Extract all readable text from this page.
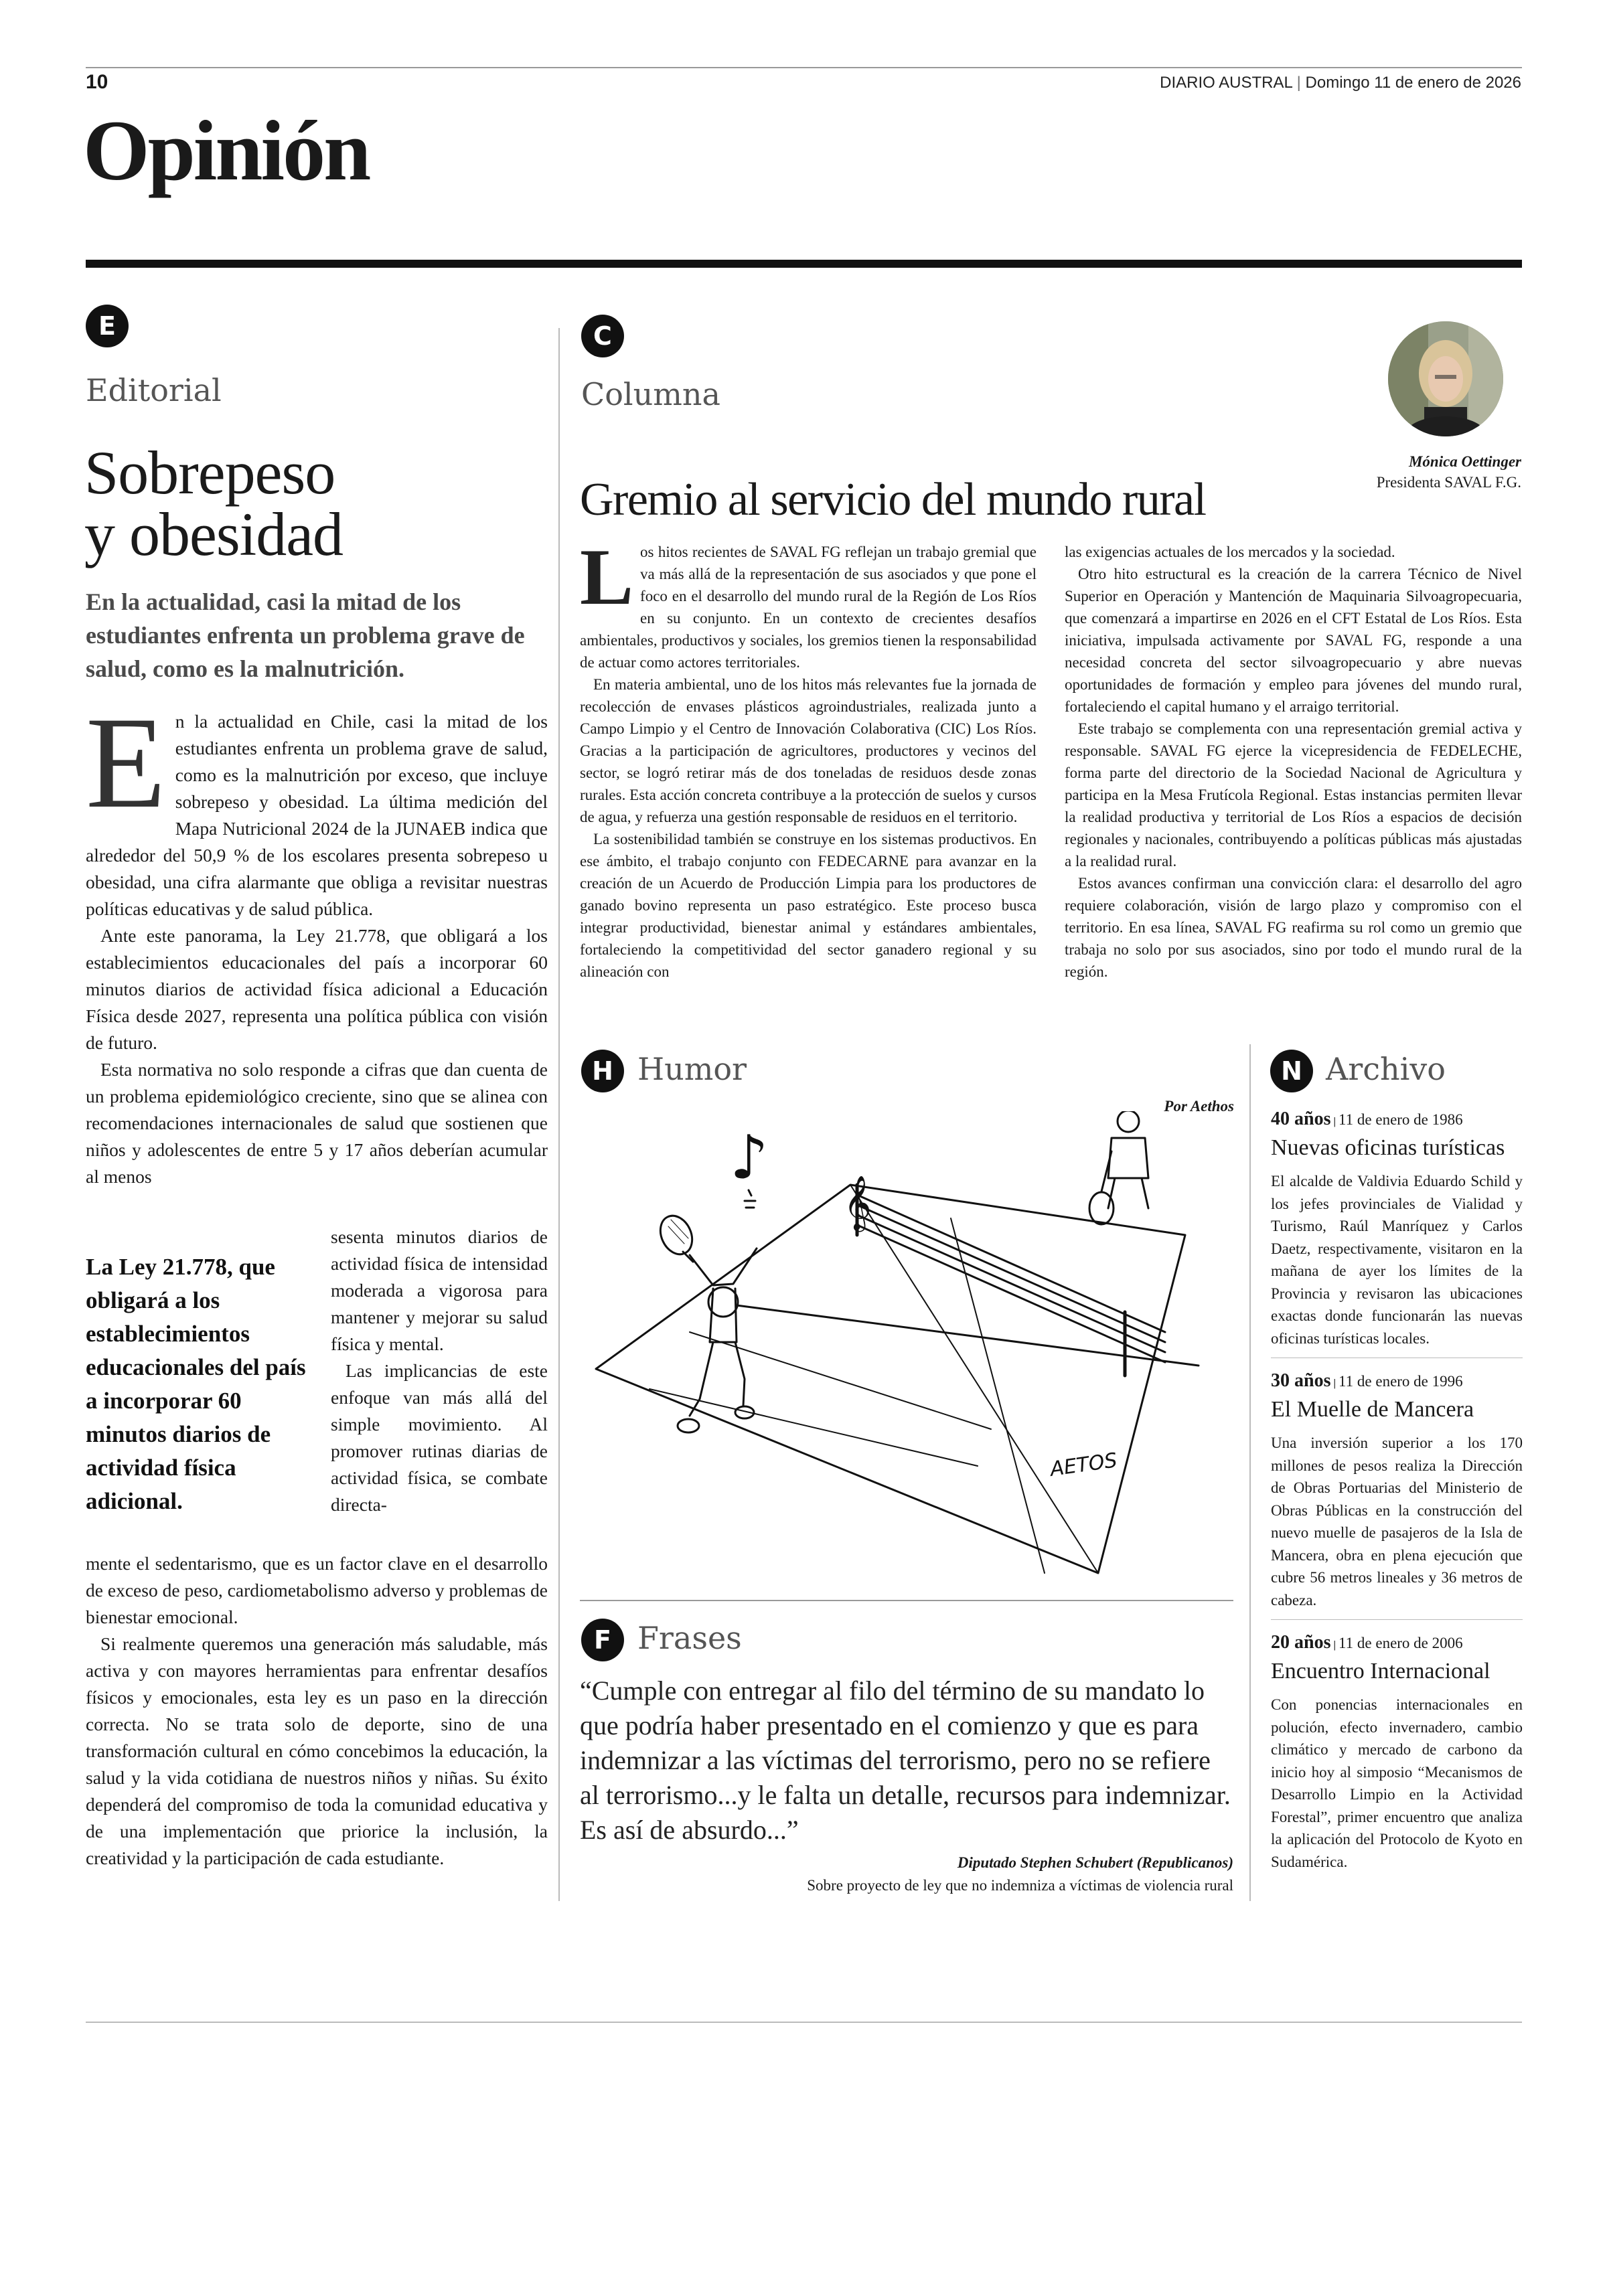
10	DIARIO AUSTRAL | Domingo 11 de enero de 2026
Opinión
E
Editorial
Sobrepeso
y obesidad
En la actualidad, casi la mitad de los estudiantes enfrenta un problema grave de salud, como es la malnutrición.
E n la actualidad en Chile, casi la mitad de los estudiantes enfrenta un problema grave de salud, como es la malnutrición por exceso, que incluye sobrepeso y obesidad. La última medición del Mapa Nutricional 2024 de la JUNAEB indica que alrededor del 50,9 % de los escolares presenta sobrepeso u obesidad, una cifra alarmante que obliga a revisitar nuestras políticas educativas y de salud pública.

Ante este panorama, la Ley 21.778, que obligará a los establecimientos educacionales del país a incorporar 60 minutos diarios de actividad física adicional a Educación Física desde 2027, representa una política pública con visión de futuro.

Esta normativa no solo responde a cifras que dan cuenta de un problema epidemiológico creciente, sino que se alinea con recomendaciones internacionales de salud que sostienen que niños y adolescentes de entre 5 y 17 años deberían acumular al menos

La Ley 21.778, que obligará a los establecimientos educacionales del país a incorporar 60 minutos diarios de actividad física adicional.

sesenta minutos diarios de actividad física de intensidad moderada a vigorosa para mantener y mejorar su salud física y mental.

Las implicancias de este enfoque van más allá del simple movimiento. Al promover rutinas diarias de actividad física, se combate directa-

mente el sedentarismo, que es un factor clave en el desarrollo de exceso de peso, cardiometabolismo adverso y problemas de bienestar emocional.

Si realmente queremos una generación más saludable, más activa y con mayores herramientas para enfrentar desafíos físicos y emocionales, esta ley es un paso en la dirección correcta. No se trata solo de deporte, sino de una transformación cultural en cómo concebimos la educación, la salud y la vida cotidiana de nuestros niños y niñas. Su éxito dependerá del compromiso de toda la comunidad educativa y de una implementación que priorice la inclusión, la creatividad y la participación de cada estudiante.

C
Columna
Mónica Oettinger
Presidenta SAVAL F.G.
Gremio al servicio del mundo rural
L os hitos recientes de SAVAL FG reflejan un trabajo gremial que va más allá de la representación de sus asociados y que pone el foco en el desarrollo del mundo rural de la Región de Los Ríos en su conjunto. En un contexto de crecientes desafíos ambientales, productivos y sociales, los gremios tienen la responsabilidad de actuar como actores territoriales.

En materia ambiental, uno de los hitos más relevantes fue la jornada de recolección de envases plásticos agroindustriales, realizada junto a Campo Limpio y el Centro de Innovación Colaborativa (CIC) Los Ríos. Gracias a la participación de agricultores, productores y vecinos del sector, se logró retirar más de dos toneladas de residuos desde zonas rurales. Esta acción concreta contribuye a la protección de suelos y cursos de agua, y refuerza una gestión responsable de residuos en el territorio.

La sostenibilidad también se construye en los sistemas productivos. En ese ámbito, el trabajo conjunto con FEDECARNE para avanzar en la creación de un Acuerdo de Producción Limpia para los productores de ganado bovino representa un paso estratégico. Este proceso busca integrar productividad, bienestar animal y estándares ambientales, fortaleciendo la competitividad del sector ganadero regional y su alineación con

las exigencias actuales de los mercados y la sociedad.

Otro hito estructural es la creación de la carrera Técnico de Nivel Superior en Operación y Mantención de Maquinaria Silvoagropecuaria, que comenzará a impartirse en 2026 en el CFT Estatal de Los Ríos. Esta iniciativa, impulsada activamente por SAVAL FG, responde a una necesidad concreta del sector silvoagropecuario y abre nuevas oportunidades de formación y empleo para jóvenes del mundo rural, fortaleciendo el capital humano y el arraigo territorial.

Este trabajo se complementa con una representación gremial activa y responsable. SAVAL FG ejerce la vicepresidencia de FEDELECHE, forma parte del directorio de la Sociedad Nacional de Agricultura y participa en la Mesa Frutícola Regional. Estas instancias permiten llevar la realidad productiva y territorial de Los Ríos a espacios de decisión regionales y nacionales, contribuyendo a políticas públicas más ajustadas a la realidad rural.

Estos avances confirman una convicción clara: el desarrollo del agro requiere colaboración, visión de largo plazo y compromiso con el territorio. En esa línea, SAVAL FG reafirma su rol como un gremio que trabaja no solo por sus asociados, sino por todo el mundo rural de la región.

H Humor
Por Aethos
𝄞
♪
AETOS
F Frases
“Cumple con entregar al filo del término de su mandato lo que podría haber presentado en el comienzo y que es para indemnizar a las víctimas del terrorismo, pero no se refiere al terrorismo...y le falta un detalle, recursos para indemnizar. Es así de absurdo...”
Diputado Stephen Schubert (Republicanos)
Sobre proyecto de ley que no indemniza a víctimas de violencia rural
N Archivo
40 años | 11 de enero de 1986
Nuevas oficinas turísticas

El alcalde de Valdivia Eduardo Schild y los jefes provinciales de Vialidad y Turismo, Raúl Manríquez y Carlos Daetz, respectivamente, visitaron en la mañana de ayer los límites de la Provincia y revisaron las ubicaciones exactas donde funcionarán las nuevas oficinas turísticas locales.

30 años | 11 de enero de 1996
El Muelle de Mancera

Una inversión superior a los 170 millones de pesos realiza la Dirección de Obras Portuarias del Ministerio de Obras Públicas en la construcción del nuevo muelle de pasajeros de la Isla de Mancera, obra en plena ejecución que cubre 56 metros lineales y 36 metros de cabeza.

20 años | 11 de enero de 2006
Encuentro Internacional

Con ponencias internacionales en polución, efecto invernadero, cambio climático y mercado de carbono da inicio hoy al simposio “Mecanismos de Desarrollo Limpio en la Actividad Forestal”, primer encuentro que analiza la aplicación del Protocolo de Kyoto en Sudamérica.
